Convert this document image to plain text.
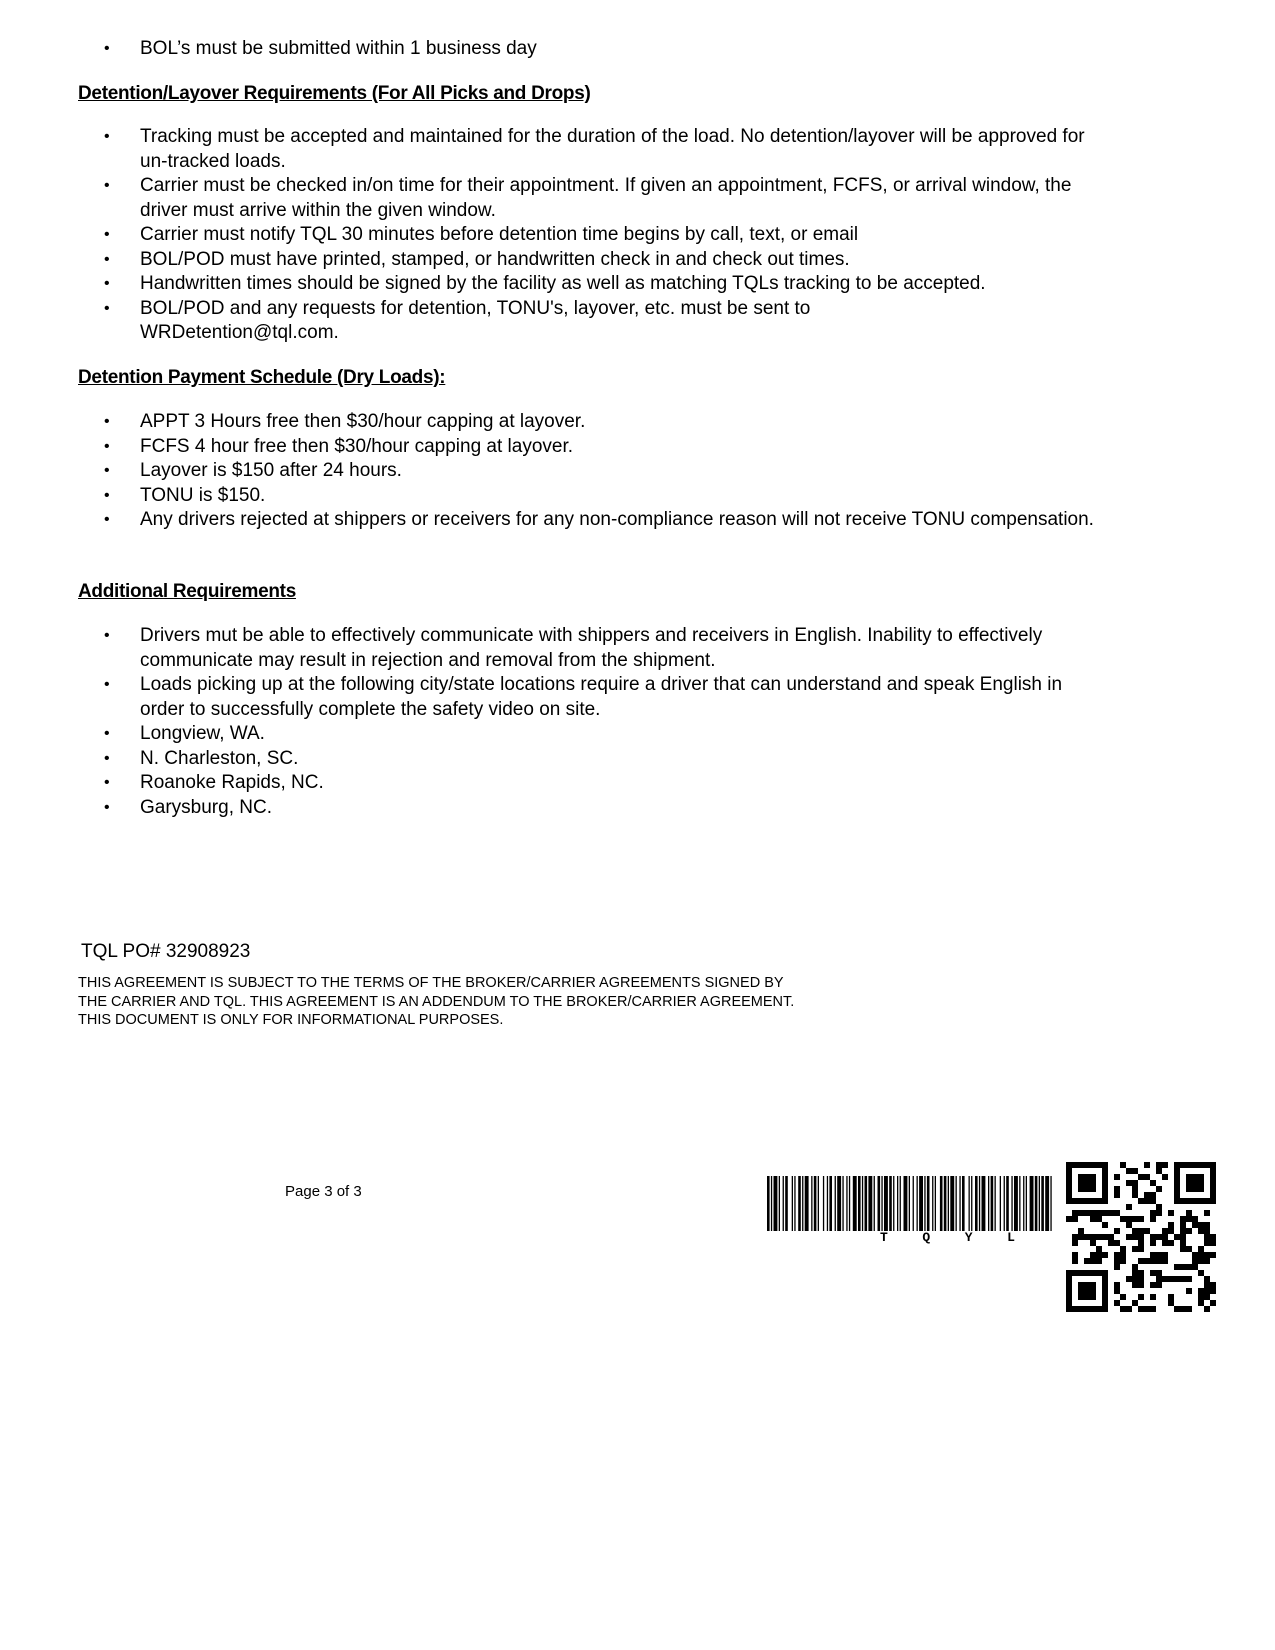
• BOL’s must be submitted within 1 business day
Detention/Layover Requirements (For All Picks and Drops)
• Tracking must be accepted and maintained for the duration of the load. No detention/layover will be approved for un-tracked loads.
• Carrier must be checked in/on time for their appointment. If given an appointment, FCFS, or arrival window, the driver must arrive within the given window.
• Carrier must notify TQL 30 minutes before detention time begins by call, text, or email
• BOL/POD must have printed, stamped, or handwritten check in and check out times.
• Handwritten times should be signed by the facility as well as matching TQLs tracking to be accepted.
• BOL/POD and any requests for detention, TONU's, layover, etc. must be sent to WRDetention@tql.com.
Detention Payment Schedule (Dry Loads):
• APPT 3 Hours free then $30/hour capping at layover.
• FCFS 4 hour free then $30/hour capping at layover.
• Layover is $150 after 24 hours.
• TONU is $150.
• Any drivers rejected at shippers or receivers for any non-compliance reason will not receive TONU compensation.
Additional Requirements
• Drivers mut be able to effectively communicate with shippers and receivers in English. Inability to effectively communicate may result in rejection and removal from the shipment.
• Loads picking up at the following city/state locations require a driver that can understand and speak English in order to successfully complete the safety video on site.
• Longview, WA.
• N. Charleston, SC.
• Roanoke Rapids, NC.
• Garysburg, NC.
TQL PO# 32908923

THIS AGREEMENT IS SUBJECT TO THE TERMS OF THE BROKER/CARRIER AGREEMENTS SIGNED BY THE CARRIER AND TQL. THIS AGREEMENT IS AN ADDENDUM TO THE BROKER/CARRIER AGREEMENT. THIS DOCUMENT IS ONLY FOR INFORMATIONAL PURPOSES.

Page 3 of 3
T	Q	Y	L
